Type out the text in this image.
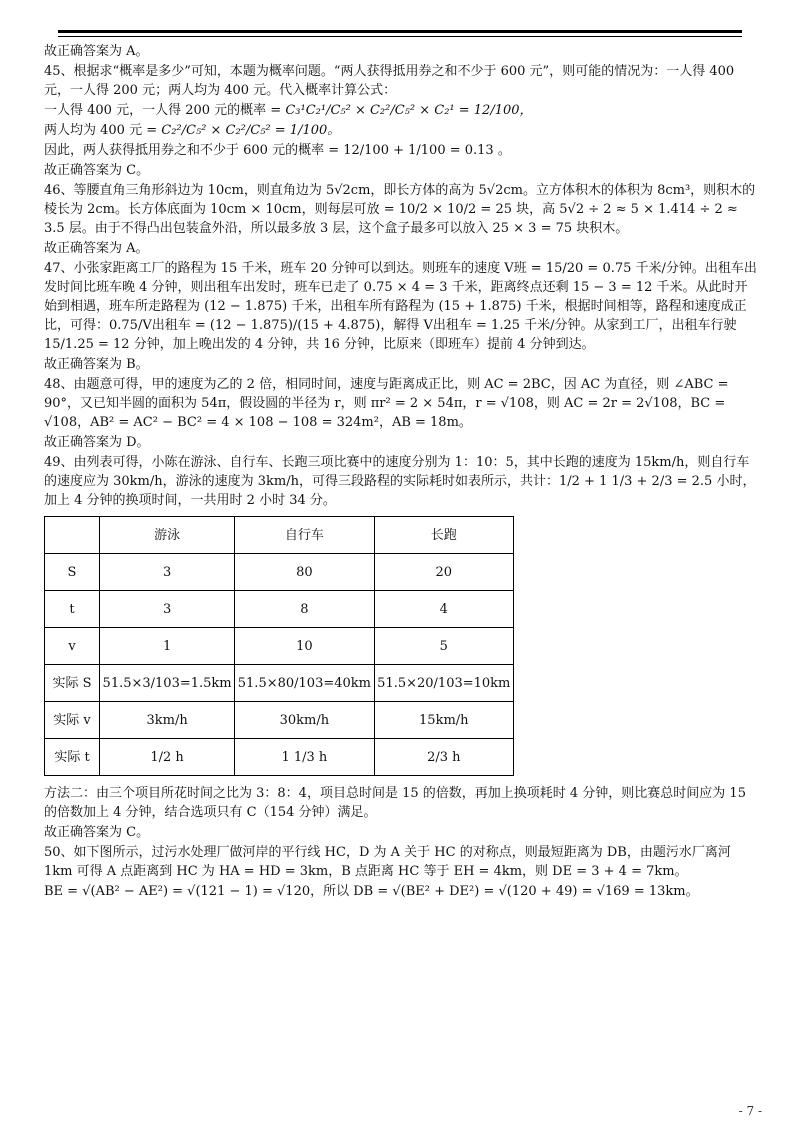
故正确答案为 A。

45、根据求“概率是多少”可知，本题为概率问题。“两人获得抵用券之和不少于 600 元”，则可能的情况为：一人得 400 元，一人得 200 元；两人均为 400 元。代入概率计算公式：

一人得 400 元，一人得 200 元的概率 = C₃¹C₂¹/C₅² × C₂²/C₅² × C₂¹ = 12/100，

两人均为 400 元 = C₂²/C₅² × C₂²/C₅² = 1/100。

因此，两人获得抵用券之和不少于 600 元的概率 = 12/100 + 1/100 = 0.13 。

故正确答案为 C。

46、等腰直角三角形斜边为 10cm，则直角边为 5√2cm，即长方体的高为 5√2cm。立方体积木的体积为 8cm³，则积木的棱长为 2cm。长方体底面为 10cm × 10cm，则每层可放 = 10/2 × 10/2 = 25 块，高 5√2 ÷ 2 ≈ 5 × 1.414 ÷ 2 ≈ 3.5 层。由于不得凸出包装盒外沿，所以最多放 3 层，这个盒子最多可以放入 25 × 3 = 75 块积木。

故正确答案为 A。

47、小张家距离工厂的路程为 15 千米，班车 20 分钟可以到达。则班车的速度 V班 = 15/20 = 0.75 千米/分钟。出租车出发时间比班车晚 4 分钟，则出租车出发时，班车已走了 0.75 × 4 = 3 千米，距离终点还剩 15 − 3 = 12 千米。从此时开始到相遇，班车所走路程为 (12 − 1.875) 千米，出租车所有路程为 (15 + 1.875) 千米，根据时间相等，路程和速度成正比，可得：0.75/V出租车 = (12 − 1.875)/(15 + 4.875)，解得 V出租车 = 1.25 千米/分钟。从家到工厂，出租车行驶 15/1.25 = 12 分钟，加上晚出发的 4 分钟，共 16 分钟，比原来（即班车）提前 4 分钟到达。

故正确答案为 B。

48、由题意可得，甲的速度为乙的 2 倍，相同时间，速度与距离成正比，则 AC = 2BC，因 AC 为直径，则 ∠ABC = 90°，又已知半圆的面积为 54π，假设圆的半径为 r，则 πr² = 2 × 54π，r = √108，则 AC = 2r = 2√108，BC = √108，AB² = AC² − BC² = 4 × 108 − 108 = 324m²，AB = 18m。

故正确答案为 D。

49、由列表可得，小陈在游泳、自行车、长跑三项比赛中的速度分别为 1：10：5，其中长跑的速度为 15km/h，则自行车的速度应为 30km/h，游泳的速度为 3km/h，可得三段路程的实际耗时如表所示，共计：1/2 + 1 1/3 + 2/3 = 2.5 小时，加上 4 分钟的换项时间，一共用时 2 小时 34 分。

	游泳	自行车	长跑
S	3	80	20
t	3	8	4
v	1	10	5
实际 S	51.5×3/103=1.5km	51.5×80/103=40km	51.5×20/103=10km
实际 v	3km/h	30km/h	15km/h
实际 t	1/2 h	1 1/3 h	2/3 h

方法二：由三个项目所花时间之比为 3：8：4，项目总时间是 15 的倍数，再加上换项耗时 4 分钟，则比赛总时间应为 15 的倍数加上 4 分钟，结合选项只有 C（154 分钟）满足。

故正确答案为 C。

50、如下图所示，过污水处理厂做河岸的平行线 HC，D 为 A 关于 HC 的对称点，则最短距离为 DB，由题污水厂离河 1km 可得 A 点距离到 HC 为 HA = HD = 3km，B 点距离 HC 等于 EH = 4km，则 DE = 3 + 4 = 7km。

BE = √(AB² − AE²) = √(121 − 1) = √120，所以 DB = √(BE² + DE²) = √(120 + 49) = √169 = 13km。

- 7 -
